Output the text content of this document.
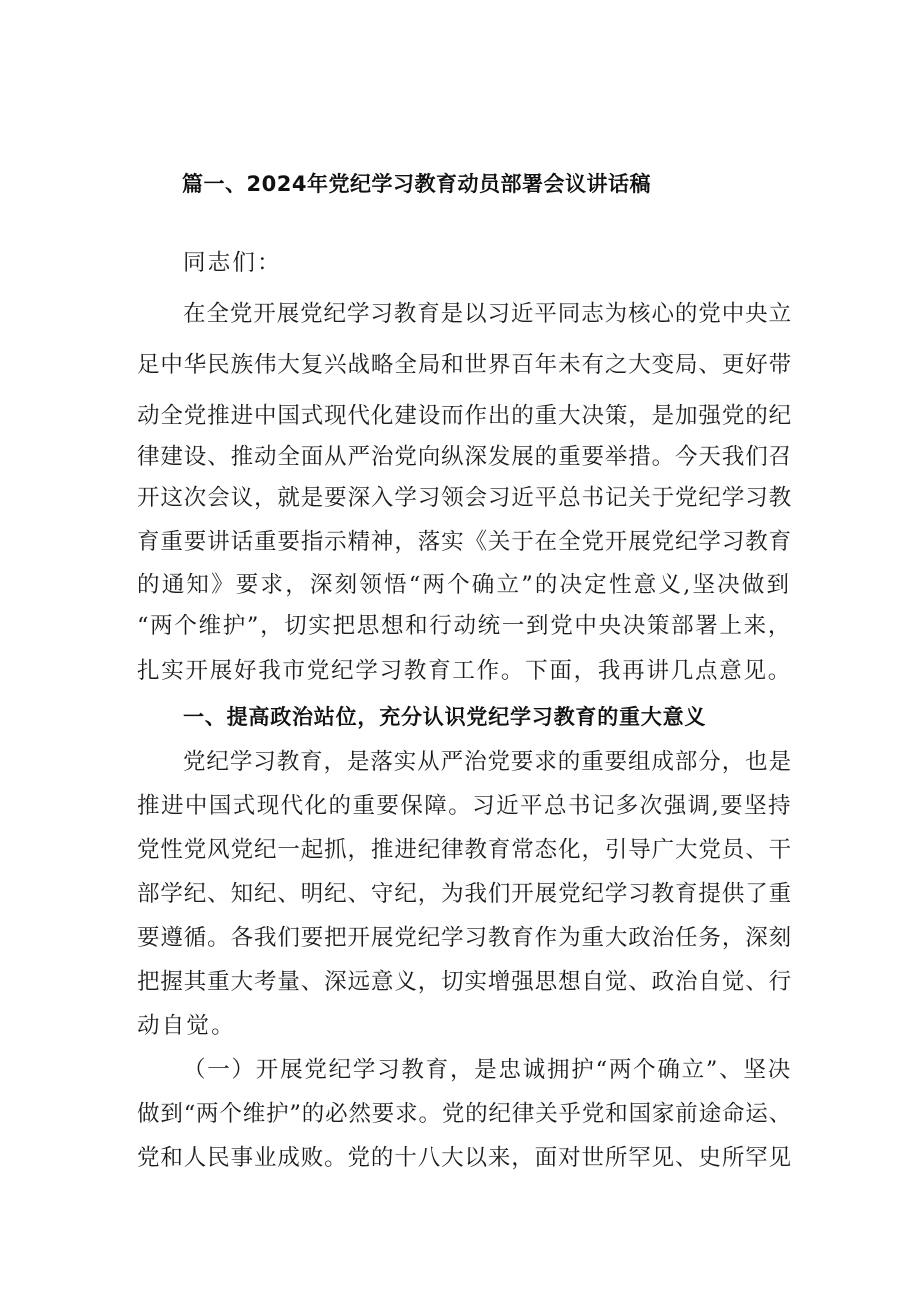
篇一、2024年党纪学习教育动员部署会议讲话稿
同志们：
在全党开展党纪学习教育是以习近平同志为核心的党中央立
足中华民族伟大复兴战略全局和世界百年未有之大变局、更好带
动全党推进中国式现代化建设而作出的重大决策，是加强党的纪
律建设、推动全面从严治党向纵深发展的重要举措。今天我们召
开这次会议，就是要深入学习领会习近平总书记关于党纪学习教
育重要讲话重要指示精神，落实《关于在全党开展党纪学习教育
的通知》要求，深刻领悟“两个确立”的决定性意义,坚决做到
“两个维护”，切实把思想和行动统一到党中央决策部署上来，
扎实开展好我市党纪学习教育工作。下面，我再讲几点意见。
一、提高政治站位，充分认识党纪学习教育的重大意义
党纪学习教育，是落实从严治党要求的重要组成部分，也是
推进中国式现代化的重要保障。习近平总书记多次强调,要坚持
党性党风党纪一起抓，推进纪律教育常态化，引导广大党员、干
部学纪、知纪、明纪、守纪，为我们开展党纪学习教育提供了重
要遵循。各我们要把开展党纪学习教育作为重大政治任务，深刻
把握其重大考量、深远意义，切实增强思想自觉、政治自觉、行
动自觉。
（一）开展党纪学习教育，是忠诚拥护“两个确立”、坚决
做到“两个维护”的必然要求。党的纪律关乎党和国家前途命运、
党和人民事业成败。党的十八大以来，面对世所罕见、史所罕见
